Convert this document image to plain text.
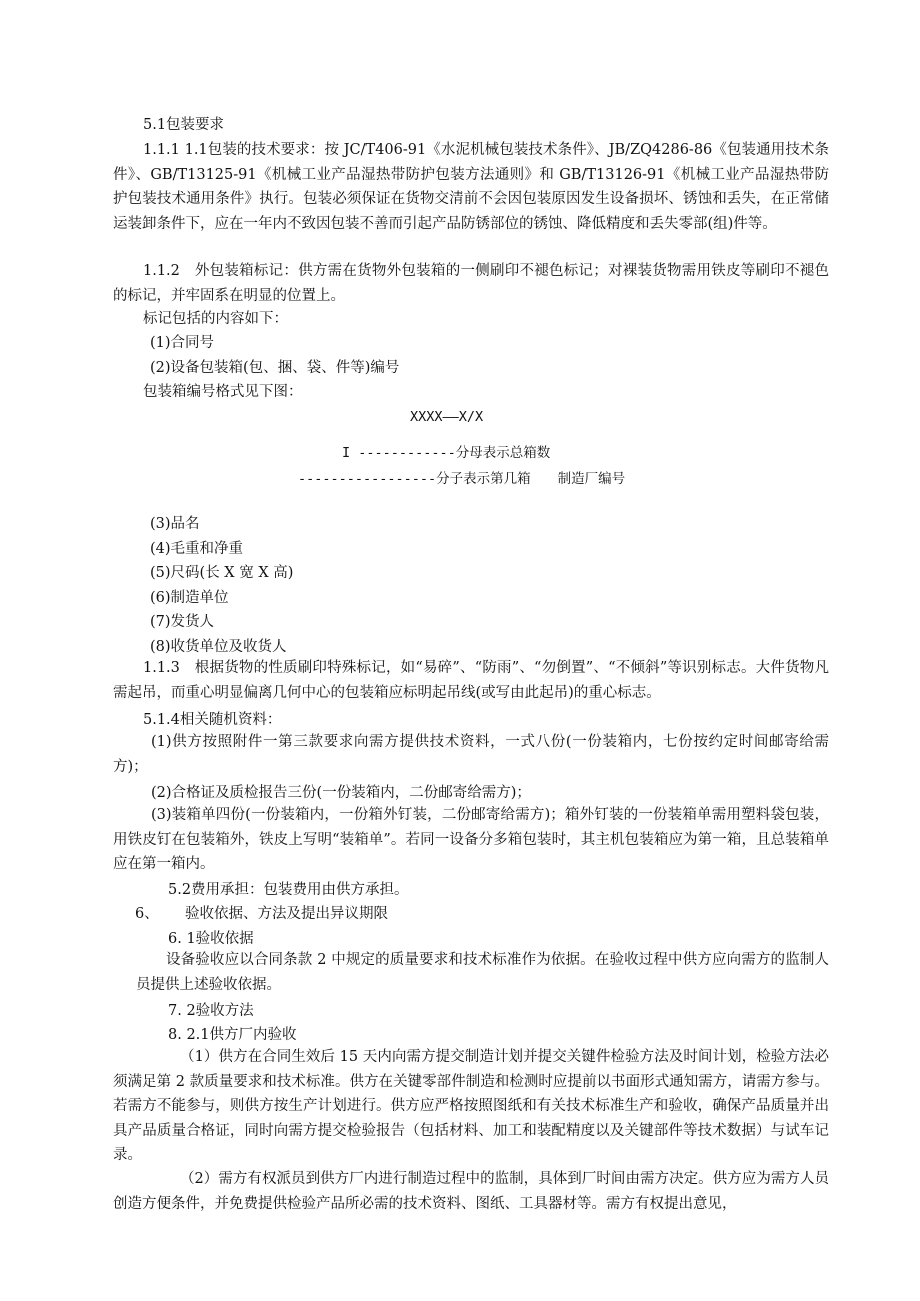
5.1包装要求
1.1.1 1.1包装的技术要求：按 JC/T406-91《水泥机械包装技术条件》、JB/ZQ4286-86《包装通用技术条件》、GB/T13125-91《机械工业产品湿热带防护包装方法通则》和 GB/T13126-91《机械工业产品湿热带防护包装技术通用条件》执行。包装必须保证在货物交清前不会因包装原因发生设备损坏、锈蚀和丢失，在正常储运装卸条件下，应在一年内不致因包装不善而引起产品防锈部位的锈蚀、降低精度和丢失零部(组)件等。
1.1.2　外包装箱标记：供方需在货物外包装箱的一侧刷印不褪色标记；对裸装货物需用铁皮等刷印不褪色的标记，并牢固系在明显的位置上。
标记包括的内容如下：
(1)合同号
(2)设备包装箱(包、捆、袋、件等)编号
包装箱编号格式见下图：
XXXX——X/X
I ------------分母表示总箱数
-----------------分子表示第几箱　　制造厂编号
(3)品名
(4)毛重和净重
(5)尺码(长 X 宽 X 高)
(6)制造单位
(7)发货人
(8)收货单位及收货人
1.1.3　根据货物的性质刷印特殊标记，如“易碎”、“防雨”、“勿倒置”、“不倾斜”等识别标志。大件货物凡需起吊，而重心明显偏离几何中心的包装箱应标明起吊线(或写由此起吊)的重心标志。
5.1.4相关随机资料：
(1)供方按照附件一第三款要求向需方提供技术资料，一式八份(一份装箱内，七份按约定时间邮寄给需方)；
(2)合格证及质检报告三份(一份装箱内，二份邮寄给需方)；
(3)装箱单四份(一份装箱内，一份箱外钉装，二份邮寄给需方)；箱外钉装的一份装箱单需用塑料袋包装，用铁皮钉在包装箱外，铁皮上写明“装箱单”。若同一设备分多箱包装时，其主机包装箱应为第一箱，且总装箱单应在第一箱内。
5.2费用承担：包装费用由供方承担。
6、 验收依据、方法及提出异议期限
6. 1验收依据
设备验收应以合同条款 2 中规定的质量要求和技术标准作为依据。在验收过程中供方应向需方的监制人员提供上述验收依据。
7. 2验收方法
8. 2.1供方厂内验收
（1）供方在合同生效后 15 天内向需方提交制造计划并提交关键件检验方法及时间计划，检验方法必须满足第 2 款质量要求和技术标准。供方在关键零部件制造和检测时应提前以书面形式通知需方，请需方参与。若需方不能参与，则供方按生产计划进行。供方应严格按照图纸和有关技术标准生产和验收，确保产品质量并出具产品质量合格证，同时向需方提交检验报告（包括材料、加工和装配精度以及关键部件等技术数据）与试车记录。
（2）需方有权派员到供方厂内进行制造过程中的监制，具体到厂时间由需方决定。供方应为需方人员创造方便条件，并免费提供检验产品所必需的技术资料、图纸、工具器材等。需方有权提出意见，
